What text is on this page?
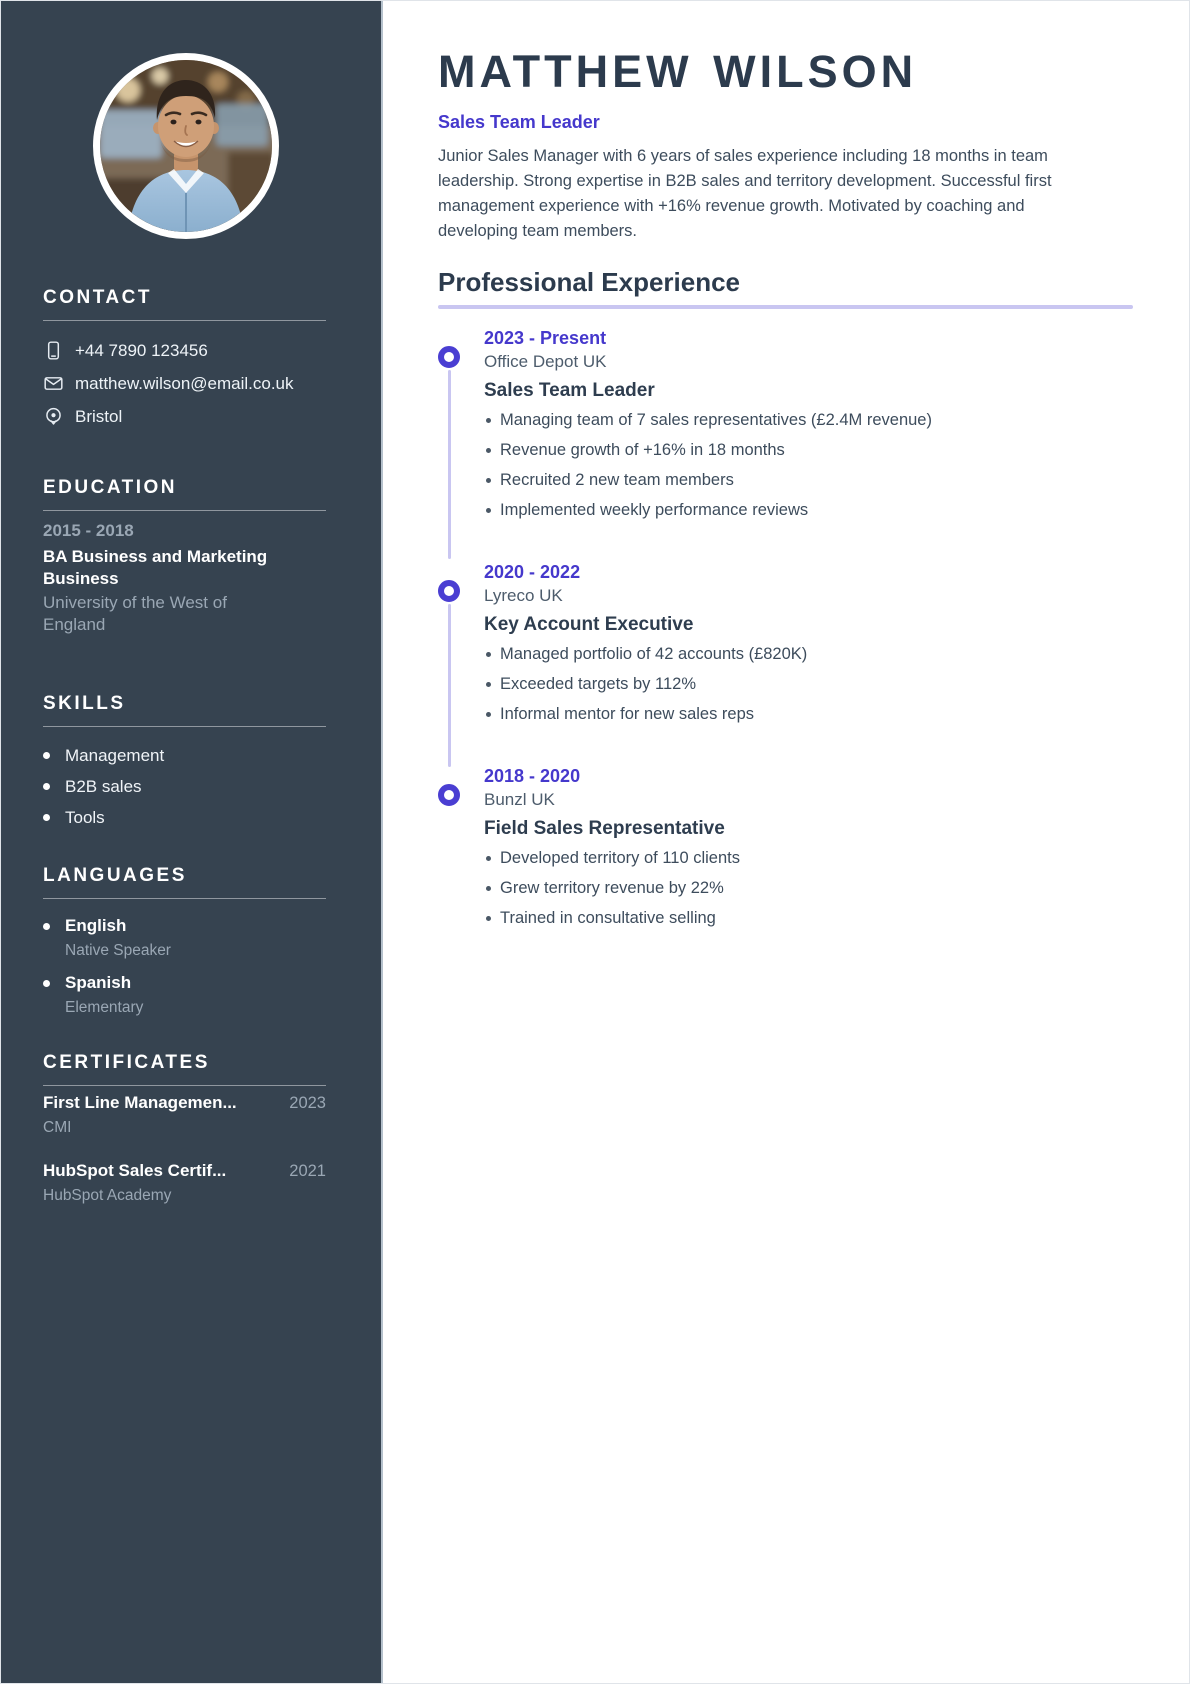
CONTACT
+44 7890 123456
matthew.wilson@email.co.uk
Bristol
EDUCATION
2015 - 2018
BA Business and Marketing Business
University of the West of England
SKILLS
Management
B2B sales
Tools
LANGUAGES
English
Native Speaker
Spanish
Elementary
CERTIFICATES
First Line Managemen...	2023
CMI
HubSpot Sales Certif...	2021
HubSpot Academy
MATTHEW WILSON
Sales Team Leader

Junior Sales Manager with 6 years of sales experience including 18 months in team leadership. Strong expertise in B2B sales and territory development. Successful first management experience with +16% revenue growth. Motivated by coaching and developing team members.

Professional Experience
2023 - Present
Office Depot UK
Sales Team Leader
Managing team of 7 sales representatives (£2.4M revenue)
Revenue growth of +16% in 18 months
Recruited 2 new team members
Implemented weekly performance reviews
2020 - 2022
Lyreco UK
Key Account Executive
Managed portfolio of 42 accounts (£820K)
Exceeded targets by 112%
Informal mentor for new sales reps
2018 - 2020
Bunzl UK
Field Sales Representative
Developed territory of 110 clients
Grew territory revenue by 22%
Trained in consultative selling
